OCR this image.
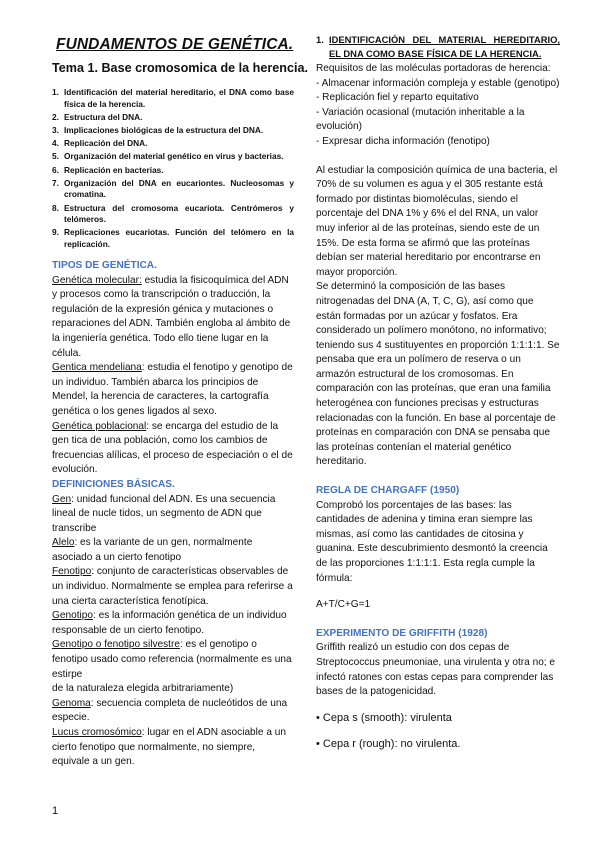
FUNDAMENTOS DE GENÉTICA.
Tema 1. Base cromosomica de la herencia.
1. Identificación del material hereditario, el DNA como base física de la herencia.
2. Estructura del DNA.
3. Implicaciones biológicas de la estructura del DNA.
4. Replicación del DNA.
5. Organización del material genético en virus y bacterias.
6. Replicación en bacterias.
7. Organización del DNA en eucariontes. Nucleosomas y cromatina.
8. Estructura del cromosoma eucariota. Centrómeros y telómeros.
9. Replicaciones eucariotas. Función del telómero en la replicación.

TIPOS DE GENÉTICA.

Genética molecular: estudia la fisicoquímica del ADN y procesos como la transcripción o traducción, la regulación de la expresión génica y mutaciones o reparaciones del ADN. También engloba al ámbito de la ingeniería genética. Todo ello tiene lugar en la célula.

Gentica mendeliana: estudia el fenotipo y genotipo de un individuo. También abarca los principios de Mendel, la herencia de caracteres, la cartografía genética o los genes ligados al sexo.

Genética poblacional: se encarga del estudio de la gen tica de una población, como los cambios de frecuencias alílicas, el proceso de especiación o el de evolución.

DEFINICIONES BÁSICAS.

Gen: unidad funcional del ADN. Es una secuencia lineal de nucle tidos, un segmento de ADN que transcribe

Alelo: es la variante de un gen, normalmente asociado a un cierto fenotipo

Fenotipo: conjunto de características observables de un individuo. Normalmente se emplea para referirse a

una cierta característica fenotípica.

Genotipo: es la información genética de un individuo responsable de un cierto fenotipo.

Genotipo o fenotipo silvestre: es el genotipo o fenotipo usado como referencia (normalmente es una estirpe

de la naturaleza elegida arbitrariamente)

Genoma: secuencia completa de nucleótidos de una especie.

Lucus cromosómico: lugar en el ADN asociable a un cierto fenotipo que normalmente, no siempre, equivale a un gen.

1. IDENTIFICACIÓN DEL MATERIAL HEREDITARIO, EL DNA COMO BASE FÍSICA DE LA HERENCIA.

Requisitos de las moléculas portadoras de herencia:

- Almacenar información compleja y estable (genotipo)

- Replicación fiel y reparto equitativo

- Variación ocasional (mutación inheritable a la evolución)

- Expresar dicha información (fenotipo)

Al estudiar la composición química de una bacteria, el 70% de su volumen es agua y el 305 restante está formado por distintas biomoléculas, siendo el porcentaje del DNA 1% y 6% el del RNA, un valor muy inferior al de las proteínas, siendo este de un 15%. De esta forma se afirmó que las proteínas debían ser material hereditario por encontrarse en mayor proporción.

Se determinó la composición de las bases nitrogenadas del DNA (A, T, C, G), así como que están formadas por un azúcar y fosfatos. Era considerado un polímero monótono, no informativo; teniendo sus 4 sustituyentes en proporción 1:1:1:1. Se pensaba que era un polímero de reserva o un armazón estructural de los cromosomas. En comparación con las proteínas, que eran una familia heterogénea con funciones precisas y estructuras relacionadas con la función. En base al porcentaje de proteínas en comparación con DNA se pensaba que las proteínas contenían el material genético hereditario.

REGLA DE CHARGAFF (1950)

Comprobó los porcentajes de las bases: las cantidades de adenina y timina eran siempre las mismas, así como las cantidades de citosina y guanina. Este descubrimiento desmontó la creencia de las proporciones 1:1:1:1. Esta regla cumple la fórmula:

A+T/C+G=1

EXPERIMENTO DE GRIFFITH (1928)

Griffith realizó un estudio con dos cepas de Streptococcus pneumoniae, una virulenta y otra no; e infectó ratones con estas cepas para comprender las bases de la patogenicidad.

• Cepa s (smooth): virulenta

• Cepa r (rough): no virulenta.

1
